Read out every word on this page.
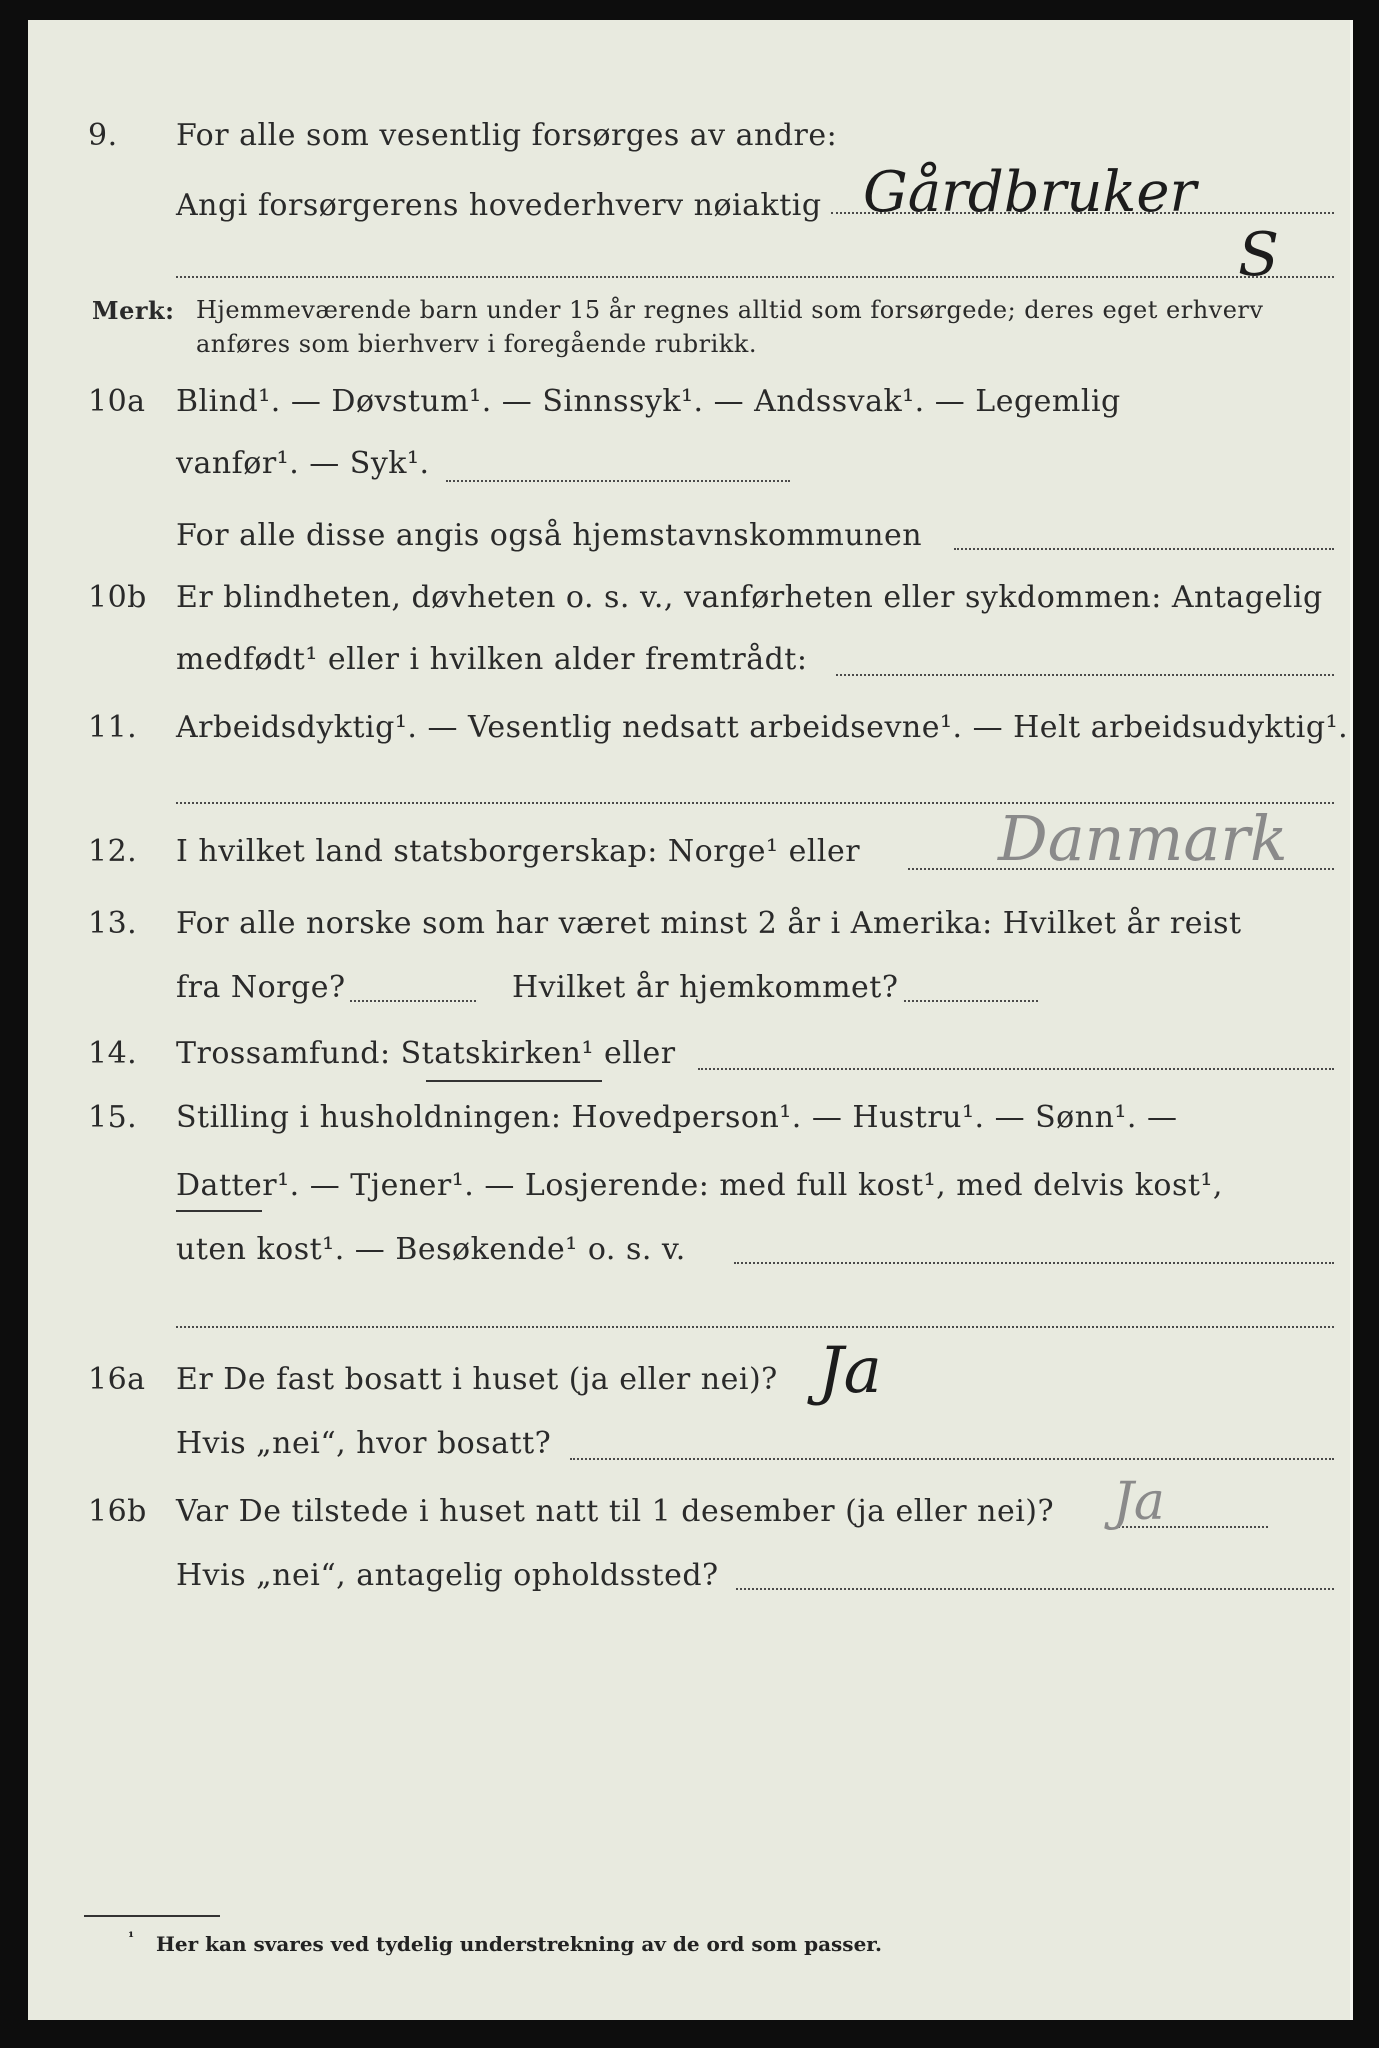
9.	For alle som vesentlig forsørges av andre:
Angi forsørgerens hovederhverv nøiaktig Gårdbruker
S
Merk: Hjemmeværende barn under 15 år regnes alltid som forsørgede; deres eget erhverv
anføres som bierhverv i foregående rubrikk.
10a	Blind¹. — Døvstum¹. — Sinnssyk¹. — Andssvak¹. — Legemlig
vanfør¹. — Syk¹.
For alle disse angis også hjemstavnskommunen
10b Er blindheten, døvheten o. s. v., vanførheten eller sykdommen: Antagelig
medfødt¹ eller i hvilken alder fremtrådt:
11.	Arbeidsdyktig¹. — Vesentlig nedsatt arbeidsevne¹. — Helt arbeidsudyktig¹.
12.	I hvilket land statsborgerskap: Norge¹ eller Danmark
13.	For alle norske som har været minst 2 år i Amerika: Hvilket år reist
fra Norge?	Hvilket år hjemkommet?
14.	Trossamfund: Statskirken¹ eller
15.	Stilling i husholdningen: Hovedperson¹. — Hustru¹. — Sønn¹. —
Datter¹. — Tjener¹. — Losjerende: med full kost¹, med delvis kost¹,
uten kost¹. — Besøkende¹ o. s. v.
16a	Er De fast bosatt i huset (ja eller nei)? Ja
Hvis „nei“, hvor bosatt?
16b Var De tilstede i huset natt til 1 desember (ja eller nei)? Ja
Hvis „nei“, antagelig opholdssted?
¹ Her kan svares ved tydelig understrekning av de ord som passer.
